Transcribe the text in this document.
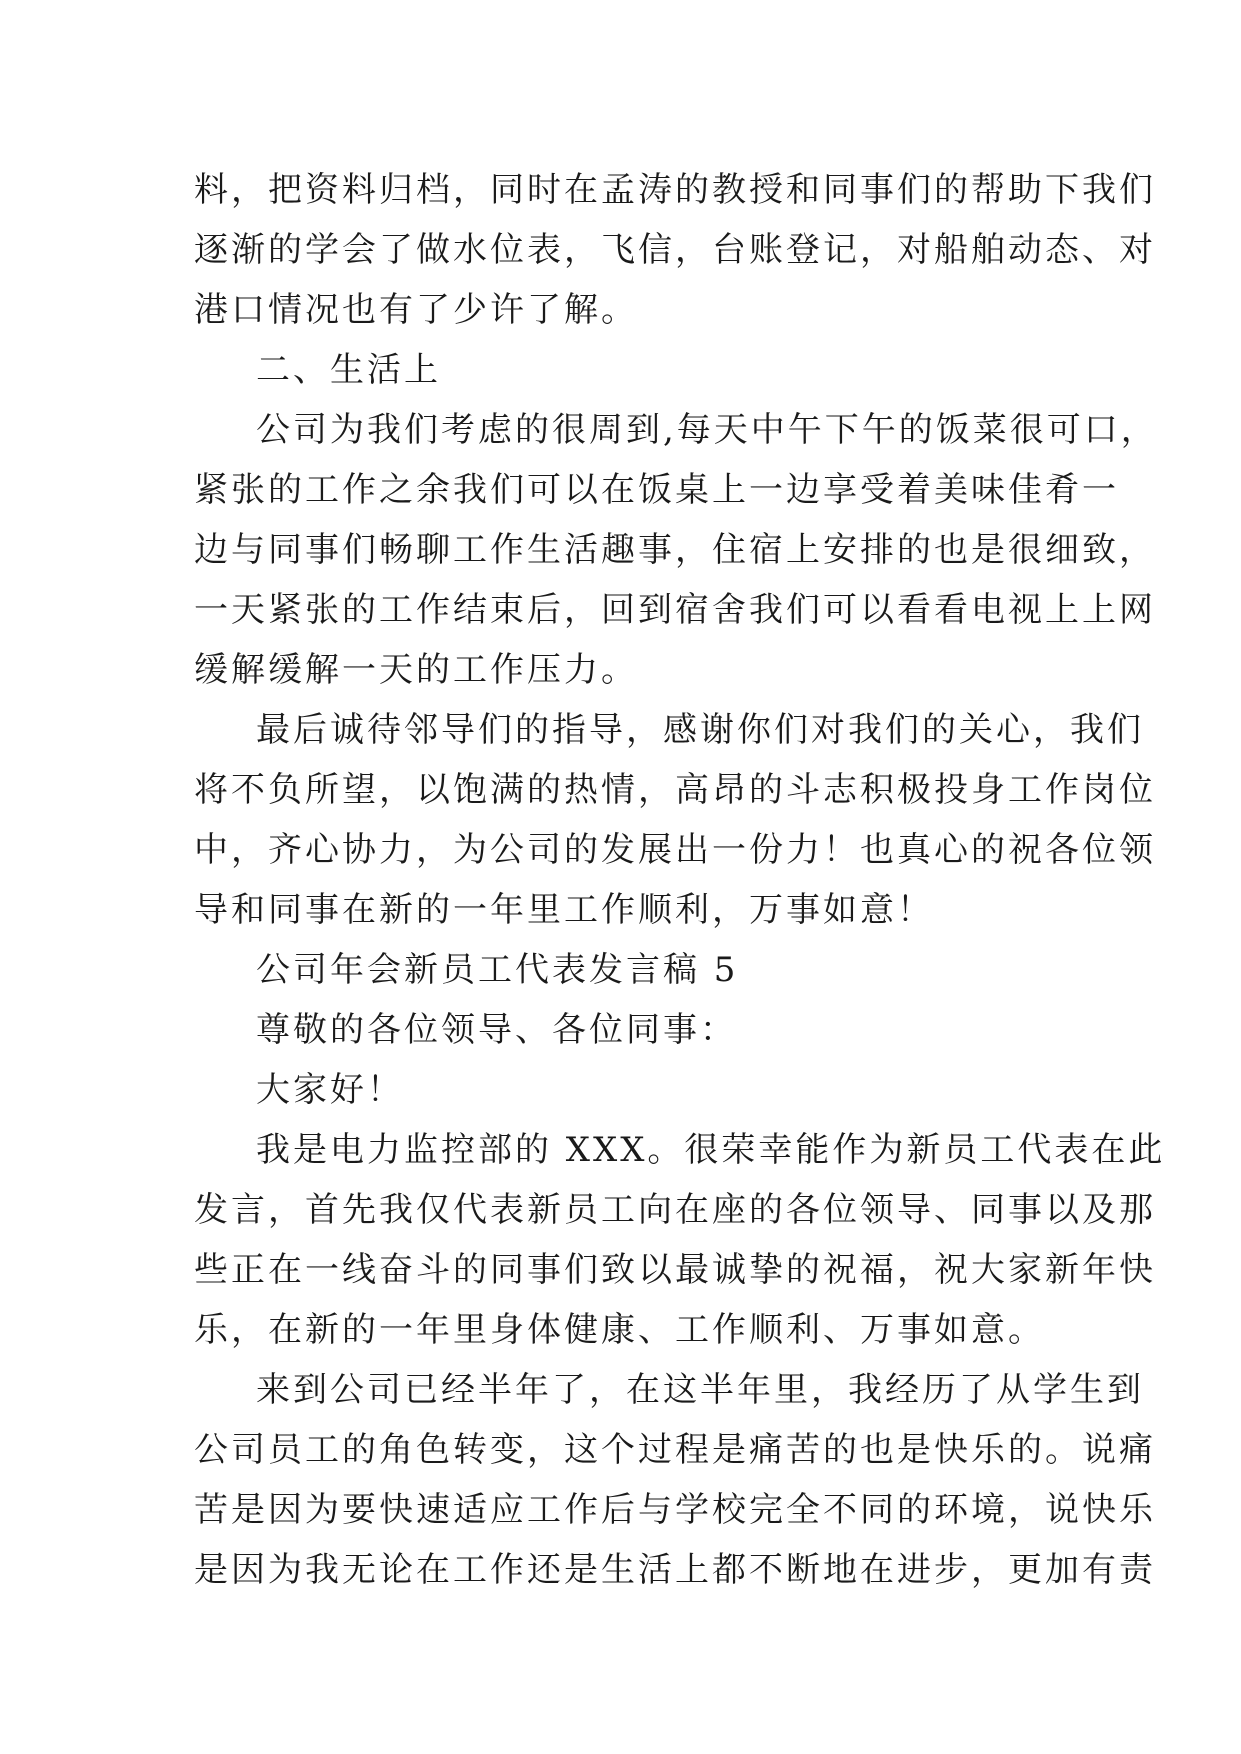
料，把资料归档，同时在孟涛的教授和同事们的帮助下我们
逐渐的学会了做水位表，飞信，台账登记，对船舶动态、对
港口情况也有了少许了解。
二、生活上
公司为我们考虑的很周到,每天中午下午的饭菜很可口，
紧张的工作之余我们可以在饭桌上一边享受着美味佳肴一
边与同事们畅聊工作生活趣事，住宿上安排的也是很细致，
一天紧张的工作结束后，回到宿舍我们可以看看电视上上网
缓解缓解一天的工作压力。
最后诚待邻导们的指导，感谢你们对我们的关心，我们
将不负所望，以饱满的热情，高昂的斗志积极投身工作岗位
中，齐心协力，为公司的发展出一份力！也真心的祝各位领
导和同事在新的一年里工作顺利，万事如意！
公司年会新员工代表发言稿 5
尊敬的各位领导、各位同事：
大家好！
我是电力监控部的 XXX。很荣幸能作为新员工代表在此
发言，首先我仅代表新员工向在座的各位领导、同事以及那
些正在一线奋斗的同事们致以最诚挚的祝福，祝大家新年快
乐，在新的一年里身体健康、工作顺利、万事如意。
来到公司已经半年了，在这半年里，我经历了从学生到
公司员工的角色转变，这个过程是痛苦的也是快乐的。说痛
苦是因为要快速适应工作后与学校完全不同的环境，说快乐
是因为我无论在工作还是生活上都不断地在进步，更加有责
